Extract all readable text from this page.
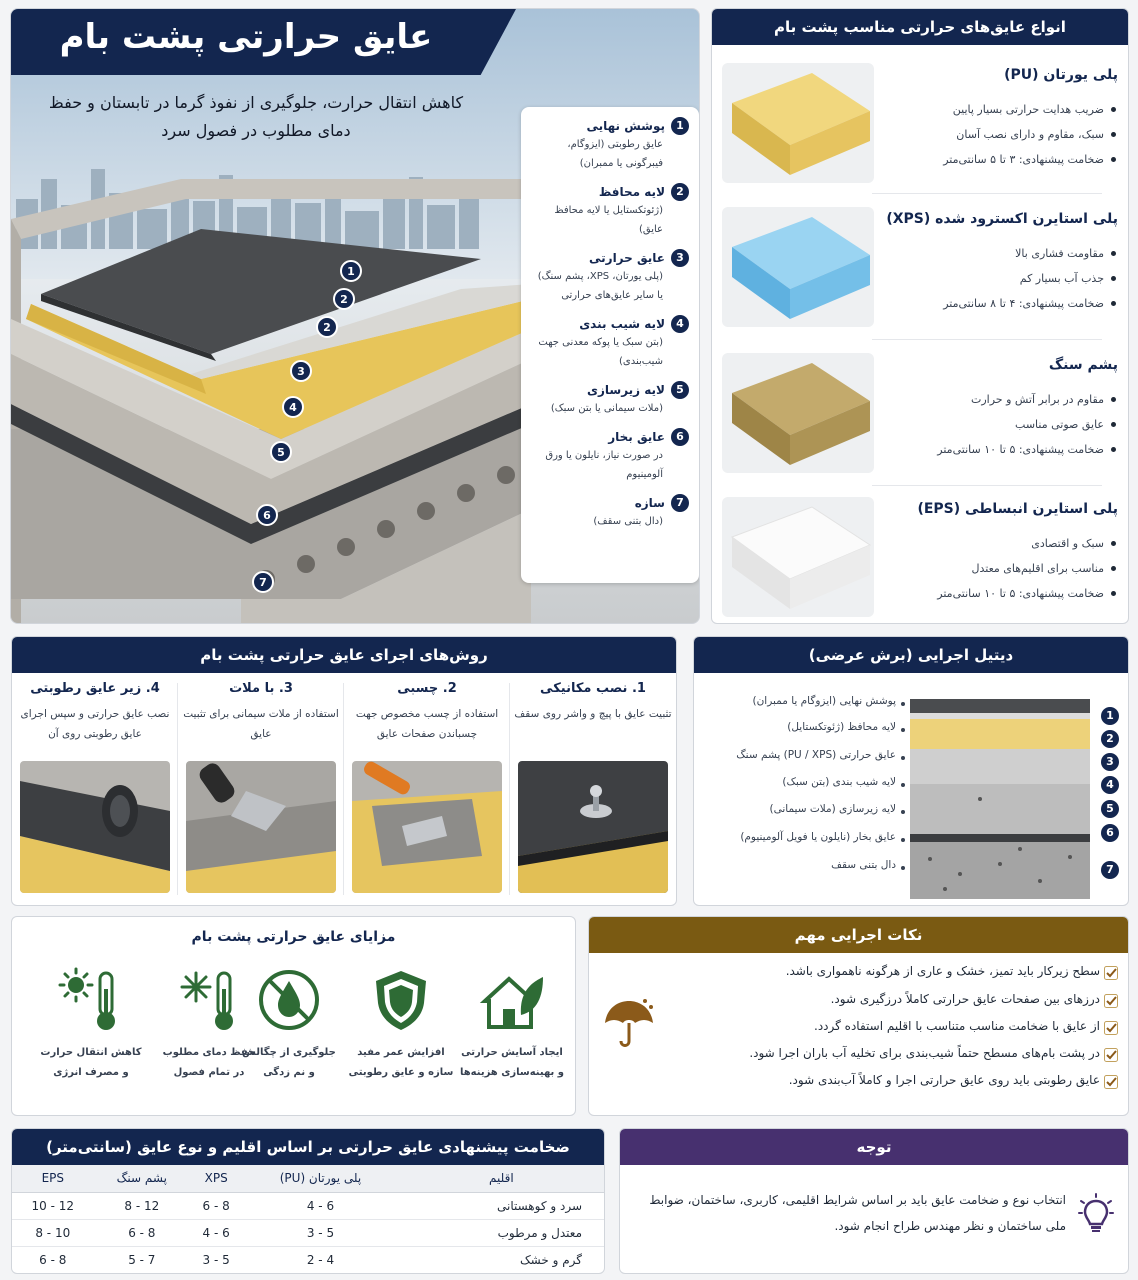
عایق حرارتی پشت بام
کاهش انتقال حرارت، جلوگیری از نفوذ گرما در تابستان و حفظ دمای مطلوب در فصول سرد
1
2
2
3
4
5
6
7
1
پوشش نهایی
عایق رطوبتی (ایزوگام، فیبرگونی یا ممبران)
2
لایه محافظ
(ژئوتکستایل یا لایه محافظ عایق)
3
عایق حرارتی
(پلی یورتان، XPS، پشم سنگ) یا سایر عایق‌های حرارتی
4
لایه شیب بندی
(بتن سبک یا پوکه معدنی جهت شیب‌بندی)
5
لایه زیرسازی
(ملات سیمانی یا بتن سبک)
6
عایق بخار
در صورت نیاز، نایلون یا ورق آلومینیوم
7
سازه
(دال بتنی سقف)
انواع عایق‌های حرارتی مناسب پشت بام
پلی یورتان (PU)
ضریب هدایت حرارتی بسیار پایین
سبک، مقاوم و دارای نصب آسان
ضخامت پیشنهادی: ۳ تا ۵ سانتی‌متر
پلی استایرن اکسترود شده (XPS)
مقاومت فشاری بالا
جذب آب بسیار کم
ضخامت پیشنهادی: ۴ تا ۸ سانتی‌متر
پشم سنگ
مقاوم در برابر آتش و حرارت
عایق صوتی مناسب
ضخامت پیشنهادی: ۵ تا ۱۰ سانتی‌متر
پلی استایرن انبساطی (EPS)
سبک و اقتصادی
مناسب برای اقلیم‌های معتدل
ضخامت پیشنهادی: ۵ تا ۱۰ سانتی‌متر
روش‌های اجرای عایق حرارتی پشت بام
1. نصب مکانیکی
تثبیت عایق با پیچ و واشر روی سقف
2. چسبی
استفاده از چسب مخصوص جهت چسباندن صفحات عایق
3. با ملات
استفاده از ملات سیمانی برای تثبیت عایق
4. زیر عایق رطوبتی
نصب عایق حرارتی و سپس اجرای عایق رطوبتی روی آن
دیتیل اجرایی (برش عرضی)
پوشش نهایی (ایزوگام یا ممبران)
1
لایه محافظ (ژئوتکستایل)
2
عایق حرارتی (PU / XPS) پشم سنگ	3
لایه شیب بندی (بتن سبک)	4
لایه زیرسازی (ملات سیمانی)	5
عایق بخار (نایلون یا فویل آلومینیوم)	6
دال بتنی سقف	7
مزایای عایق حرارتی پشت بام
ایجاد آسایش حرارتی
و بهینه‌سازی هزینه‌ها
افزایش عمر مفید
سازه و عایق رطوبتی
جلوگیری از چگالش
و نم زدگی
حفظ دمای مطلوب
در تمام فصول
کاهش انتقال حرارت
و مصرف انرژی
نکات اجرایی مهم
سطح زیرکار باید تمیز، خشک و عاری از هرگونه ناهمواری باشد.
درزهای بین صفحات عایق حرارتی کاملاً درزگیری شود.
از عایق با ضخامت مناسب متناسب با اقلیم استفاده گردد.
در پشت بام‌های مسطح حتماً شیب‌بندی برای تخلیه آب باران اجرا شود.
عایق رطوبتی باید روی عایق حرارتی اجرا و کاملاً آب‌بندی شود.
ضخامت پیشنهادی عایق حرارتی بر اساس اقلیم و نوع عایق (سانتی‌متر)
اقلیم	پلی یورتان (PU)	XPS	پشم سنگ	EPS
سرد و کوهستانی	4 - 6	6 - 8	8 - 12	10 - 12
معتدل و مرطوب	3 - 5	4 - 6	6 - 8	8 - 10
گرم و خشک	2 - 4	3 - 5	5 - 7	6 - 8
توجه
انتخاب نوع و ضخامت عایق باید بر اساس شرایط اقلیمی، کاربری، ساختمان، ضوابط ملی ساختمان و نظر مهندس طراح انجام شود.
